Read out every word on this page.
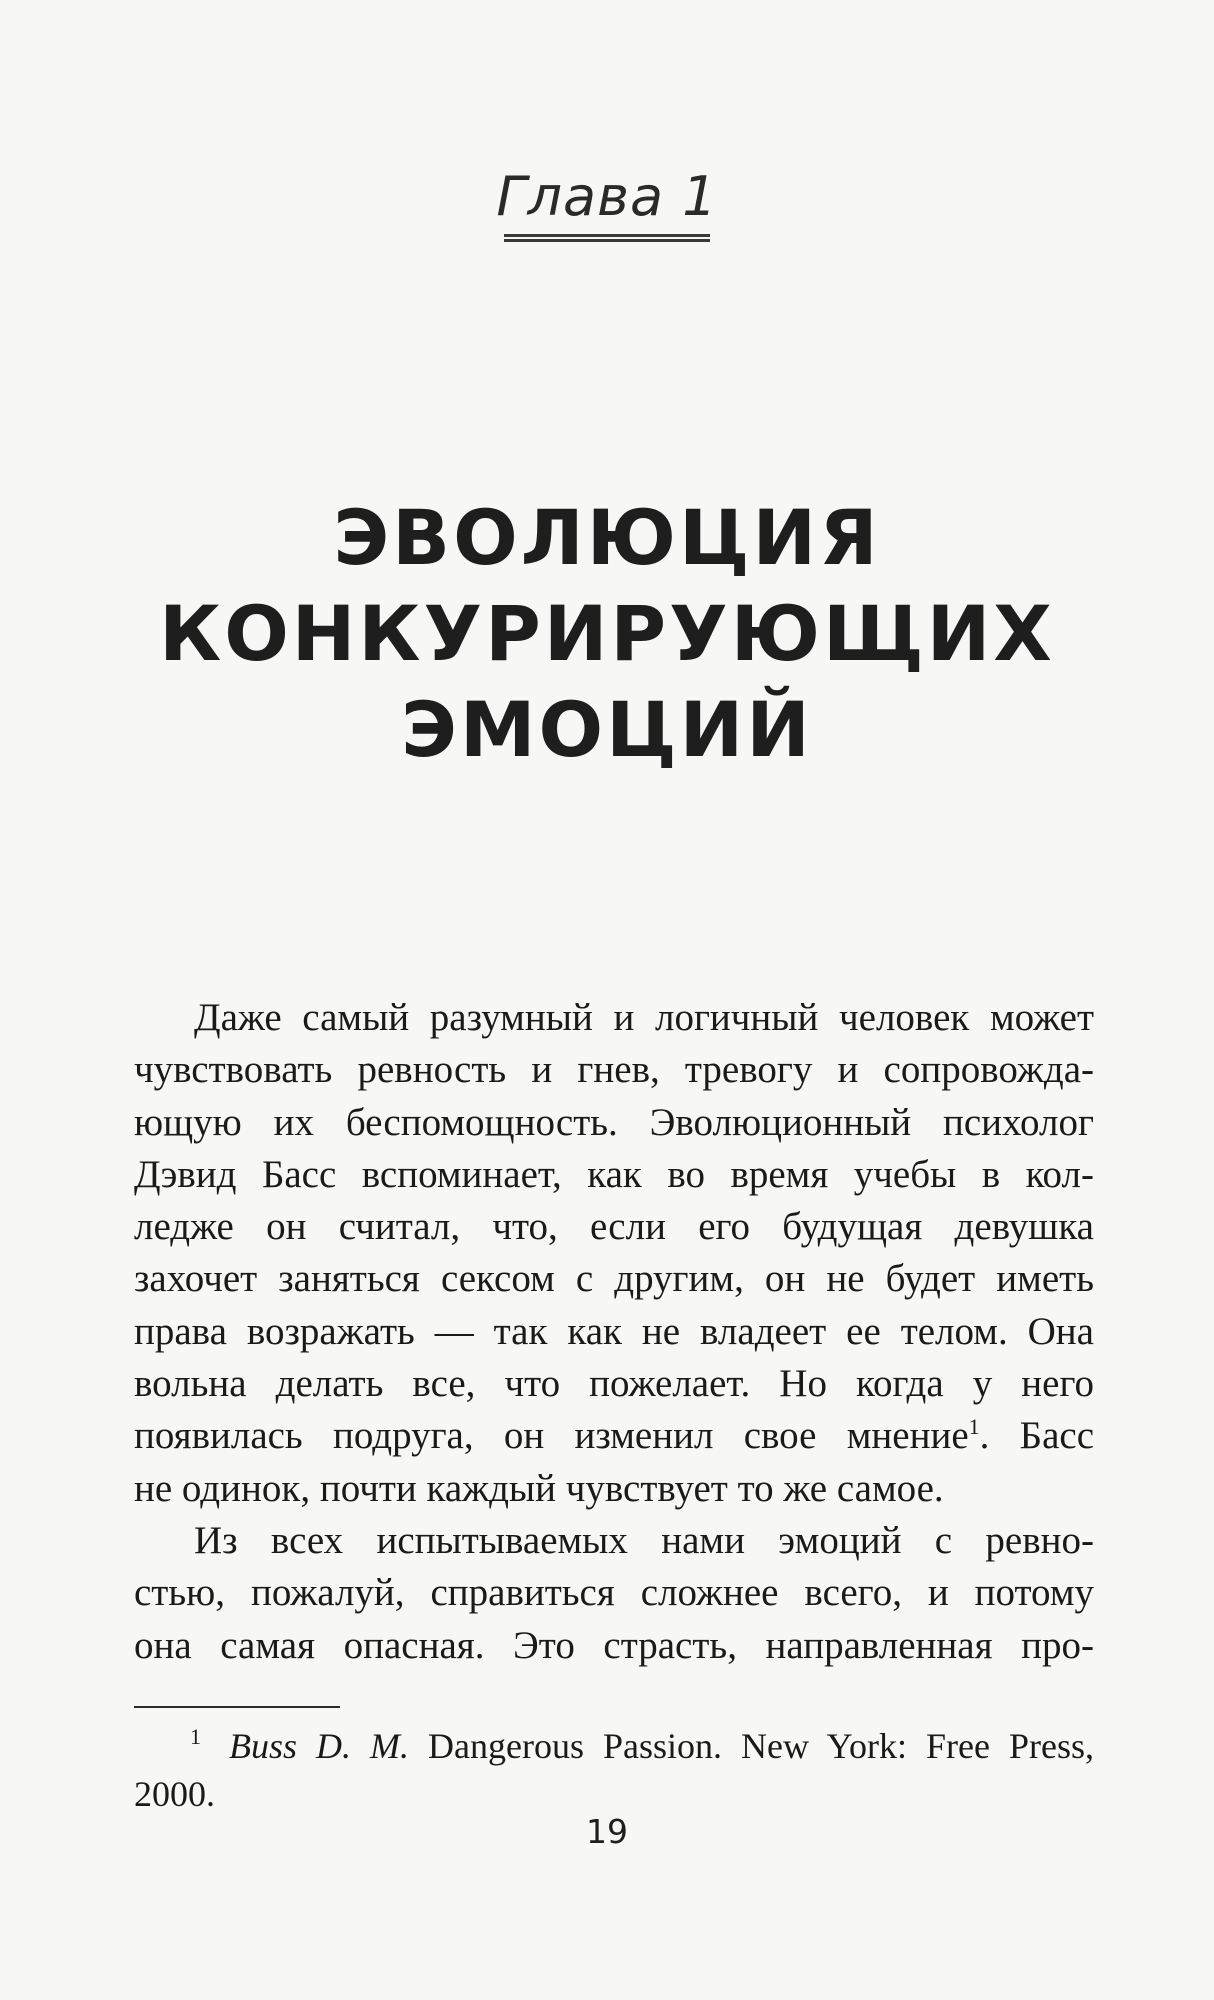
Глава 1
ЭВОЛЮЦИЯ
КОНКУРИРУЮЩИХ
ЭМОЦИЙ
Даже самый разумный и логичный человек может
чувствовать ревность и гнев, тревогу и сопровожда-
ющую их беспомощность. Эволюционный психолог
Дэвид Басс вспоминает, как во время учебы в кол-
ледже он считал, что, если его будущая девушка
захочет заняться сексом с другим, он не будет иметь
права возражать — так как не владеет ее телом. Она
вольна делать все, что пожелает. Но когда у него
появилась подруга, он изменил свое мнение$^1$. Басс
не одинок, почти каждый чувствует то же самое.
Из всех испытываемых нами эмоций с ревно-
стью, пожалуй, справиться сложнее всего, и потому
она самая опасная. Это страсть, направленная про-
$^1$ Buss D. M. Dangerous Passion. New York: Free Press,
2000.
19
